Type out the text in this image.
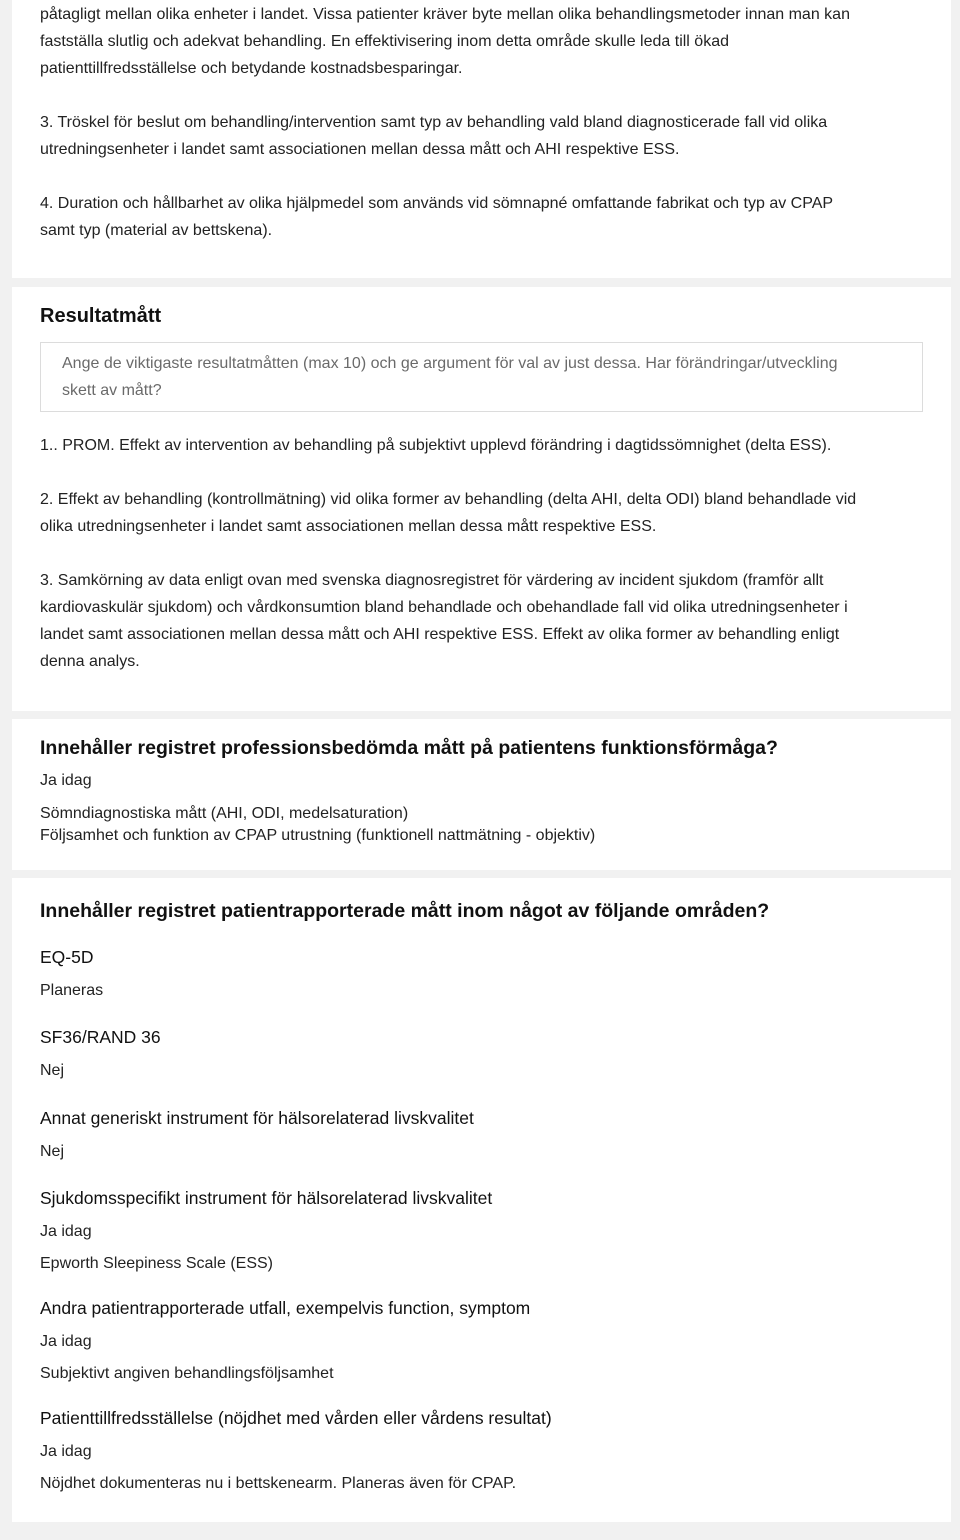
påtagligt mellan olika enheter i landet. Vissa patienter kräver byte mellan olika behandlingsmetoder innan man kan

fastställa slutlig och adekvat behandling. En effektivisering inom detta område skulle leda till ökad

patienttillfredsställelse och betydande kostnadsbesparingar.

3. Tröskel för beslut om behandling/intervention samt typ av behandling vald bland diagnosticerade fall vid olika

utredningsenheter i landet samt associationen mellan dessa mått och AHI respektive ESS.

4. Duration och hållbarhet av olika hjälpmedel som används vid sömnapné omfattande fabrikat och typ av CPAP

samt typ (material av bettskena).

Resultatmått
Ange de viktigaste resultatmåtten (max 10) och ge argument för val av just dessa. Har förändringar/utveckling
skett av mått?

1.. PROM. Effekt av intervention av behandling på subjektivt upplevd förändring i dagtidssömnighet (delta ESS).

2. Effekt av behandling (kontrollmätning) vid olika former av behandling (delta AHI, delta ODI) bland behandlade vid

olika utredningsenheter i landet samt associationen mellan dessa mått respektive ESS.

3. Samkörning av data enligt ovan med svenska diagnosregistret för värdering av incident sjukdom (framför allt

kardiovaskulär sjukdom) och vårdkonsumtion bland behandlade och obehandlade fall vid olika utredningsenheter i

landet samt associationen mellan dessa mått och AHI respektive ESS. Effekt av olika former av behandling enligt

denna analys.

Innehåller registret professionsbedömda mått på patientens funktionsförmåga?

Ja idag

Sömndiagnostiska mått (AHI, ODI, medelsaturation)

Följsamhet och funktion av CPAP utrustning (funktionell nattmätning - objektiv)

Innehåller registret patientrapporterade mått inom något av följande områden?

EQ-5D

Planeras

SF36/RAND 36

Nej

Annat generiskt instrument för hälsorelaterad livskvalitet

Nej

Sjukdomsspecifikt instrument för hälsorelaterad livskvalitet

Ja idag

Epworth Sleepiness Scale (ESS)

Andra patientrapporterade utfall, exempelvis function, symptom

Ja idag

Subjektivt angiven behandlingsföljsamhet

Patienttillfredsställelse (nöjdhet med vården eller vårdens resultat)

Ja idag

Nöjdhet dokumenteras nu i bettskenearm. Planeras även för CPAP.
